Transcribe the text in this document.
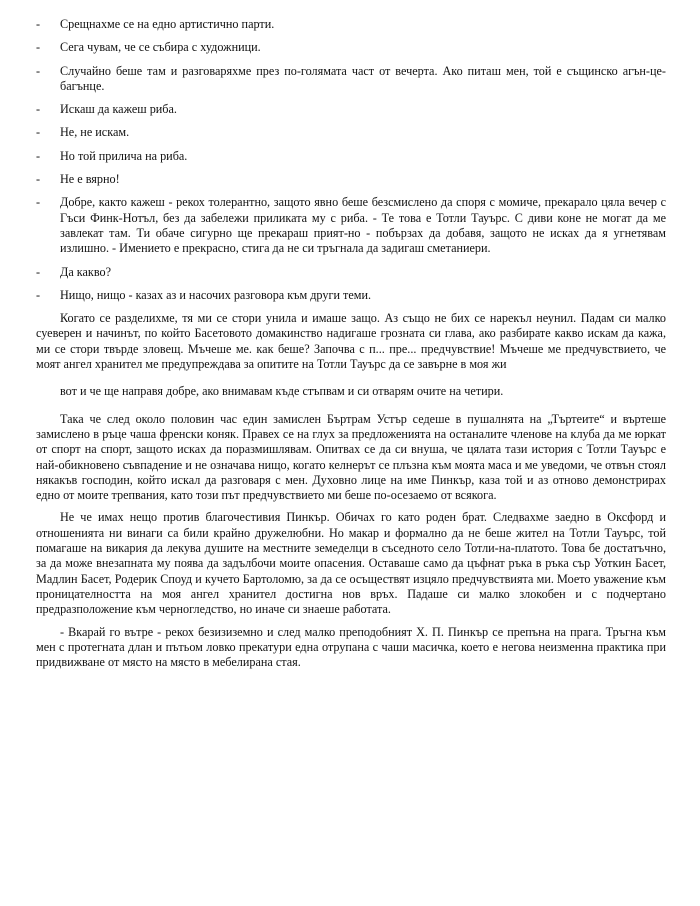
-	Срещнахме се на едно артистично парти.
-	Сега чувам, че се събира с художници.
-	Случайно беше там и разговаряхме през по-голямата част от вечерта. Ако питаш мен, той е същинско агън-це-багънце.
-	Искаш да кажеш риба.
-	Не, не искам.
-	Но той прилича на риба.
-	Не е вярно!
-	Добре, както кажеш - рекох толерантно, защото явно беше безсмислено да споря с момиче, прекарало цяла вечер с Гъси Финк-Нотъл, без да забележи приликата му с риба. - Те това е Тотли Тауърс. С диви коне не могат да ме завлекат там. Ти обаче сигурно ще прекараш прият-но - побързах да добавя, защото не исках да я угнетявам излишно. - Имението е прекрасно, стига да не си тръгнала да задигаш сметаниери.
-	Да какво?
-	Нищо, нищо - казах аз и насочих разговора към други теми.

Когато се разделихме, тя ми се стори унила и имаше защо. Аз също не бих се нарекъл неунил. Падам си малко суеверен и начинът, по който Басетовото домакинство надигаше грозната си глава, ако разбирате какво искам да кажа, ми се стори твърде зловещ. Мъчеше ме. как беше? Започва с п... пре... предчувствие! Мъчеше ме предчувствието, че моят ангел хранител ме предупреждава за опитите на Тотли Тауърс да се завърне в моя жи

вот и че ще направя добре, ако внимавам къде стъпвам и си отварям очите на четири.

Така че след около половин час един замислен Бъртрам Устър седеше в пушалнята на „Търтеите“ и въртеше замислено в ръце чаша френски коняк. Правех се на глух за предложенията на останалите членове на клуба да ме юркат от спорт на спорт, защото исках да поразмишлявам. Опитвах се да си внуша, че цялата тази история с Тотли Тауърс е най-обикновено съвпадение и не означава нищо, когато келнерът се плъзна към моята маса и ме уведоми, че отвън стоял някакъв господин, който искал да разговаря с мен. Духовно лице на име Пинкър, каза той и аз отново демонстрирах едно от моите трепвания, като този път предчувствието ми беше по-осезаемо от всякога.

Не че имах нещо против благочестивия Пинкър. Обичах го като роден брат. Следвахме заедно в Оксфорд и отношенията ни винаги са били крайно дружелюбни. Но макар и формално да не беше жител на Тотли Тауърс, той помагаше на викария да лекува душите на местните земеделци в съседното село Тотли-на-платото. Това бе достатъчно, за да може внезапната му поява да задълбочи моите опасения. Оставаше само да цъфнат ръка в ръка сър Уоткин Басет, Мадлин Басет, Родерик Споуд и кучето Бартоломю, за да се осъществят изцяло предчувствията ми. Моето уважение към проницателността на моя ангел хранител достигна нов връх. Падаше си малко злокобен и с подчертано предразположение към черногледство, но иначе си знаеше работата.

- Вкарай го вътре - рекох безизиземно и след малко преподобният Х. П. Пинкър се препъна на прага. Тръгна към мен с протегната длан и пътьом ловко прекатури една отрупана с чаши масичка, което е негова неизменна практика при придвижване от място на място в мебелирана стая.
